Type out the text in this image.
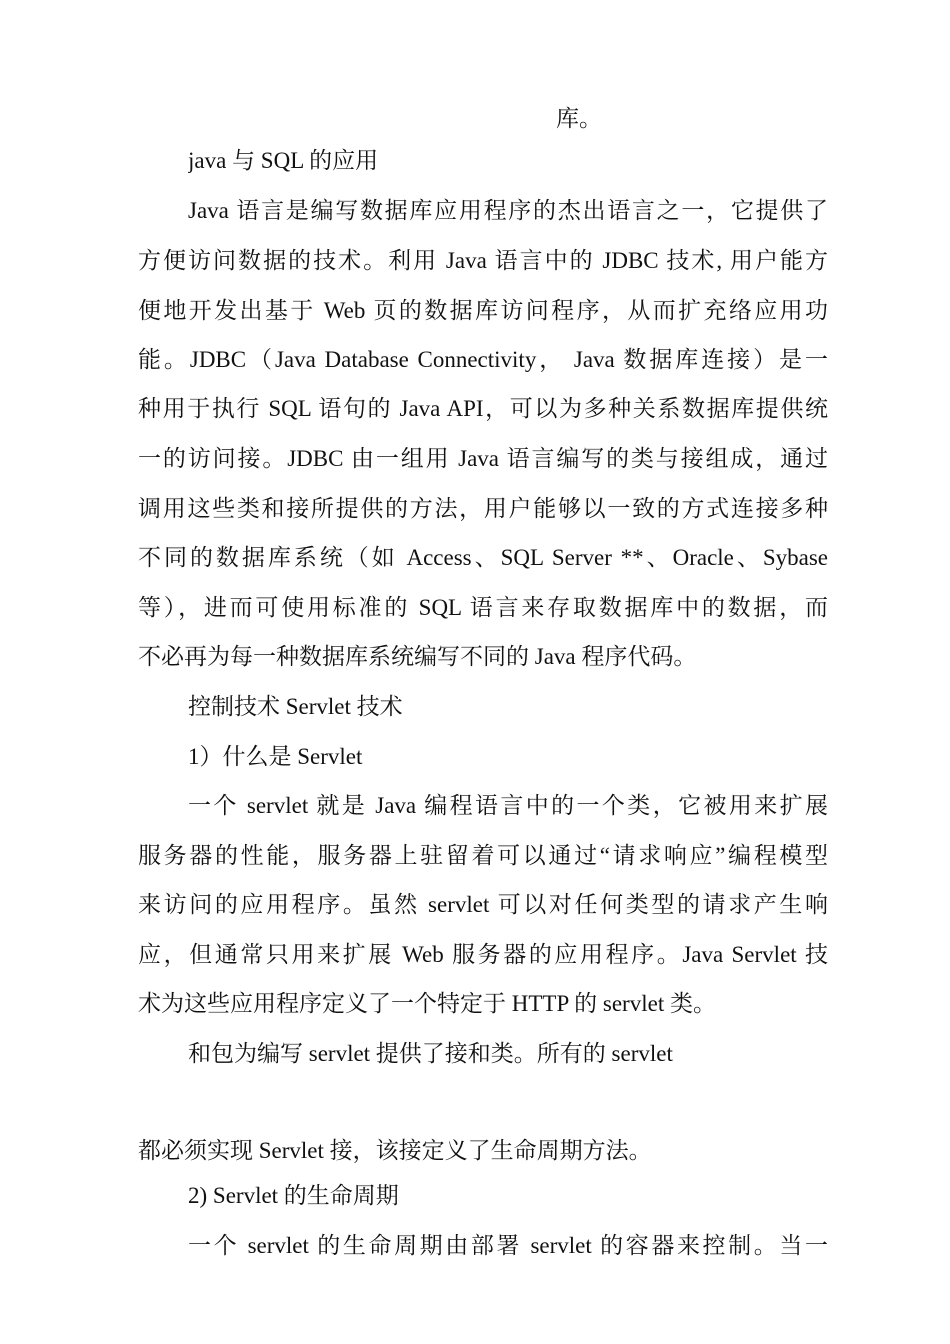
库。
java 与 SQL 的应用
Java 语言是编写数据库应用程序的杰出语言之一，它提供了
方便访问数据的技术。利用 Java 语言中的 JDBC 技术, 用户能方
便地开发出基于 Web 页的数据库访问程序，从而扩充络应用功
能。JDBC（Java Database Connectivity， Java 数据库连接）是一
种用于执行 SQL 语句的 Java API，可以为多种关系数据库提供统
一的访问接。JDBC 由一组用 Java 语言编写的类与接组成，通过
调用这些类和接所提供的方法，用户能够以一致的方式连接多种
不同的数据库系统（如 Access、SQL Server **、Oracle、Sybase
等），进而可使用标准的 SQL 语言来存取数据库中的数据，而
不必再为每一种数据库系统编写不同的 Java 程序代码。
控制技术 Servlet 技术
1）什么是 Servlet
一个 servlet 就是 Java 编程语言中的一个类，它被用来扩展
服务器的性能，服务器上驻留着可以通过“请求响应”编程模型
来访问的应用程序。虽然 servlet 可以对任何类型的请求产生响
应，但通常只用来扩展 Web 服务器的应用程序。Java Servlet 技
术为这些应用程序定义了一个特定于 HTTP 的 servlet 类。
和包为编写 servlet 提供了接和类。所有的 servlet
都必须实现 Servlet 接，该接定义了生命周期方法。
2) Servlet 的生命周期
一个 servlet 的生命周期由部署 servlet 的容器来控制。当一
